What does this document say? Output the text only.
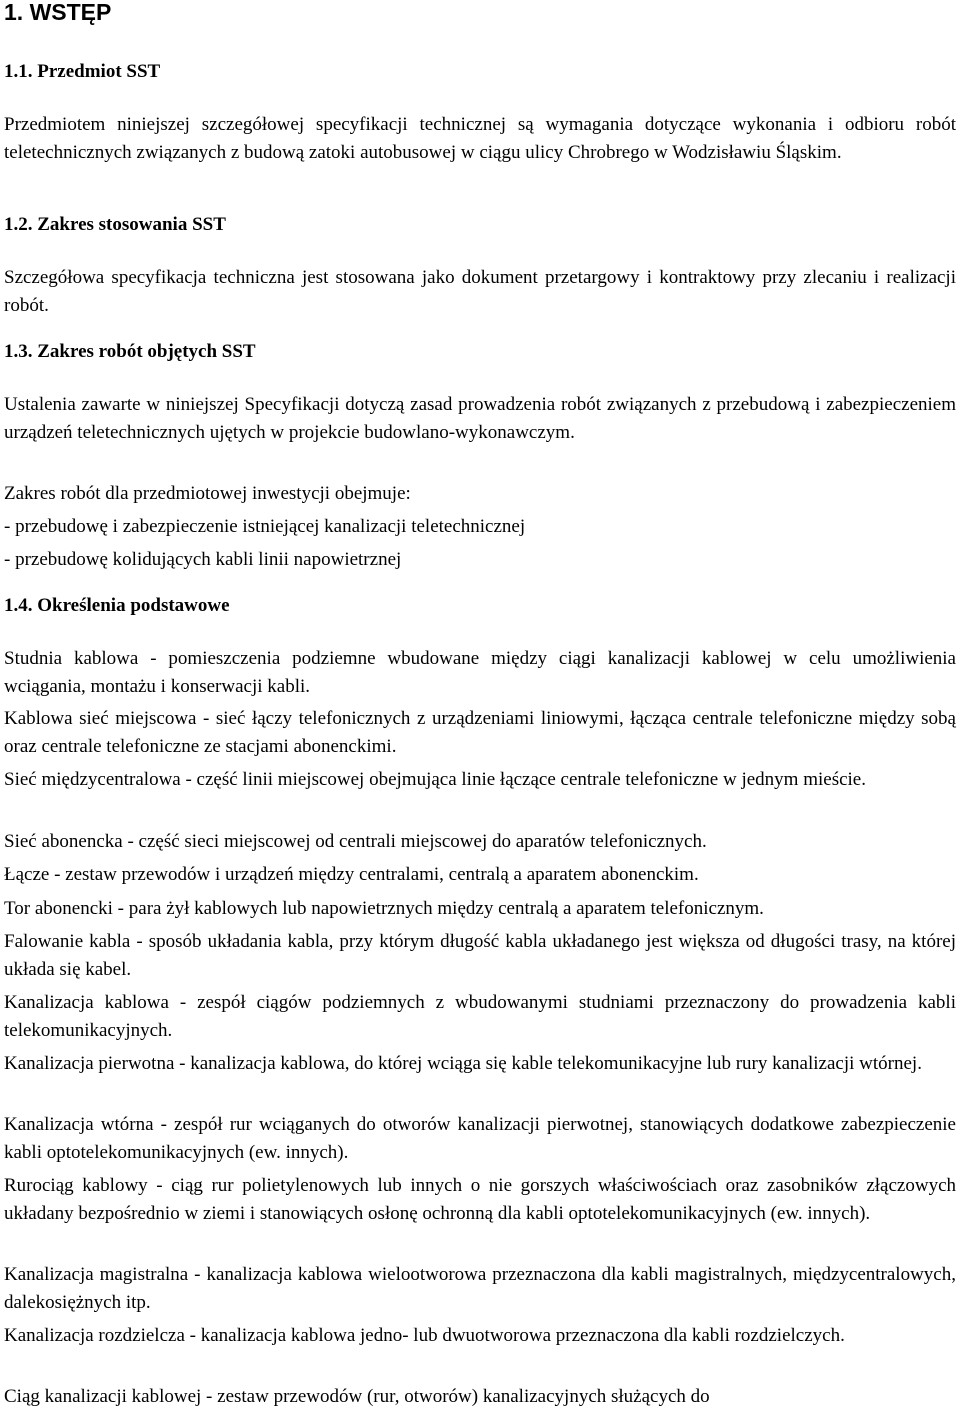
1. WSTĘP
1.1. Przedmiot SST

Przedmiotem niniejszej szczegółowej specyfikacji technicznej są wymagania dotyczące wykonania i odbioru robót teletechnicznych związanych z budową zatoki autobusowej w ciągu ulicy Chrobrego w Wodzisławiu Śląskim.

1.2. Zakres stosowania SST

Szczegółowa specyfikacja techniczna jest stosowana jako dokument przetargowy i kontraktowy przy zlecaniu i realizacji robót.

1.3. Zakres robót objętych SST

Ustalenia zawarte w niniejszej Specyfikacji dotyczą zasad prowadzenia robót związanych z przebudową i zabezpieczeniem urządzeń teletechnicznych ujętych w projekcie budowlano-wykonawczym.

Zakres robót dla przedmiotowej inwestycji obejmuje:

- przebudowę i zabezpieczenie istniejącej kanalizacji teletechnicznej

- przebudowę kolidujących kabli linii napowietrznej

1.4. Określenia podstawowe

Studnia kablowa - pomieszczenia podziemne wbudowane między ciągi kanalizacji kablowej w celu umożliwienia wciągania, montażu i konserwacji kabli.

Kablowa sieć miejscowa - sieć łączy telefonicznych z urządzeniami liniowymi, łącząca centrale telefoniczne między sobą oraz centrale telefoniczne ze stacjami abonenckimi.

Sieć międzycentralowa - część linii miejscowej obejmująca linie łączące centrale telefoniczne w jednym mieście.

Sieć abonencka - część sieci miejscowej od centrali miejscowej do aparatów telefonicznych.

Łącze - zestaw przewodów i urządzeń między centralami, centralą a aparatem abonenckim.

Tor abonencki - para żył kablowych lub napowietrznych między centralą a aparatem telefonicznym.

Falowanie kabla - sposób układania kabla, przy którym długość kabla układanego jest większa od długości trasy, na której układa się kabel.

Kanalizacja kablowa - zespół ciągów podziemnych z wbudowanymi studniami przeznaczony do prowadzenia kabli telekomunikacyjnych.

Kanalizacja pierwotna - kanalizacja kablowa, do której wciąga się kable telekomunikacyjne lub rury kanalizacji wtórnej.

Kanalizacja wtórna - zespół rur wciąganych do otworów kanalizacji pierwotnej, stanowiących dodatkowe zabezpieczenie kabli optotelekomunikacyjnych (ew. innych).

Rurociąg kablowy - ciąg rur polietylenowych lub innych o nie gorszych właściwościach oraz zasobników złączowych układany bezpośrednio w ziemi i stanowiących osłonę ochronną dla kabli optotelekomunikacyjnych (ew. innych).

Kanalizacja magistralna - kanalizacja kablowa wielootworowa przeznaczona dla kabli magistralnych, międzycentralowych, dalekosiężnych itp.

Kanalizacja rozdzielcza - kanalizacja kablowa jedno- lub dwuotworowa przeznaczona dla kabli rozdzielczych.

Ciąg kanalizacji kablowej - zestaw przewodów (rur, otworów) kanalizacyjnych służących do
